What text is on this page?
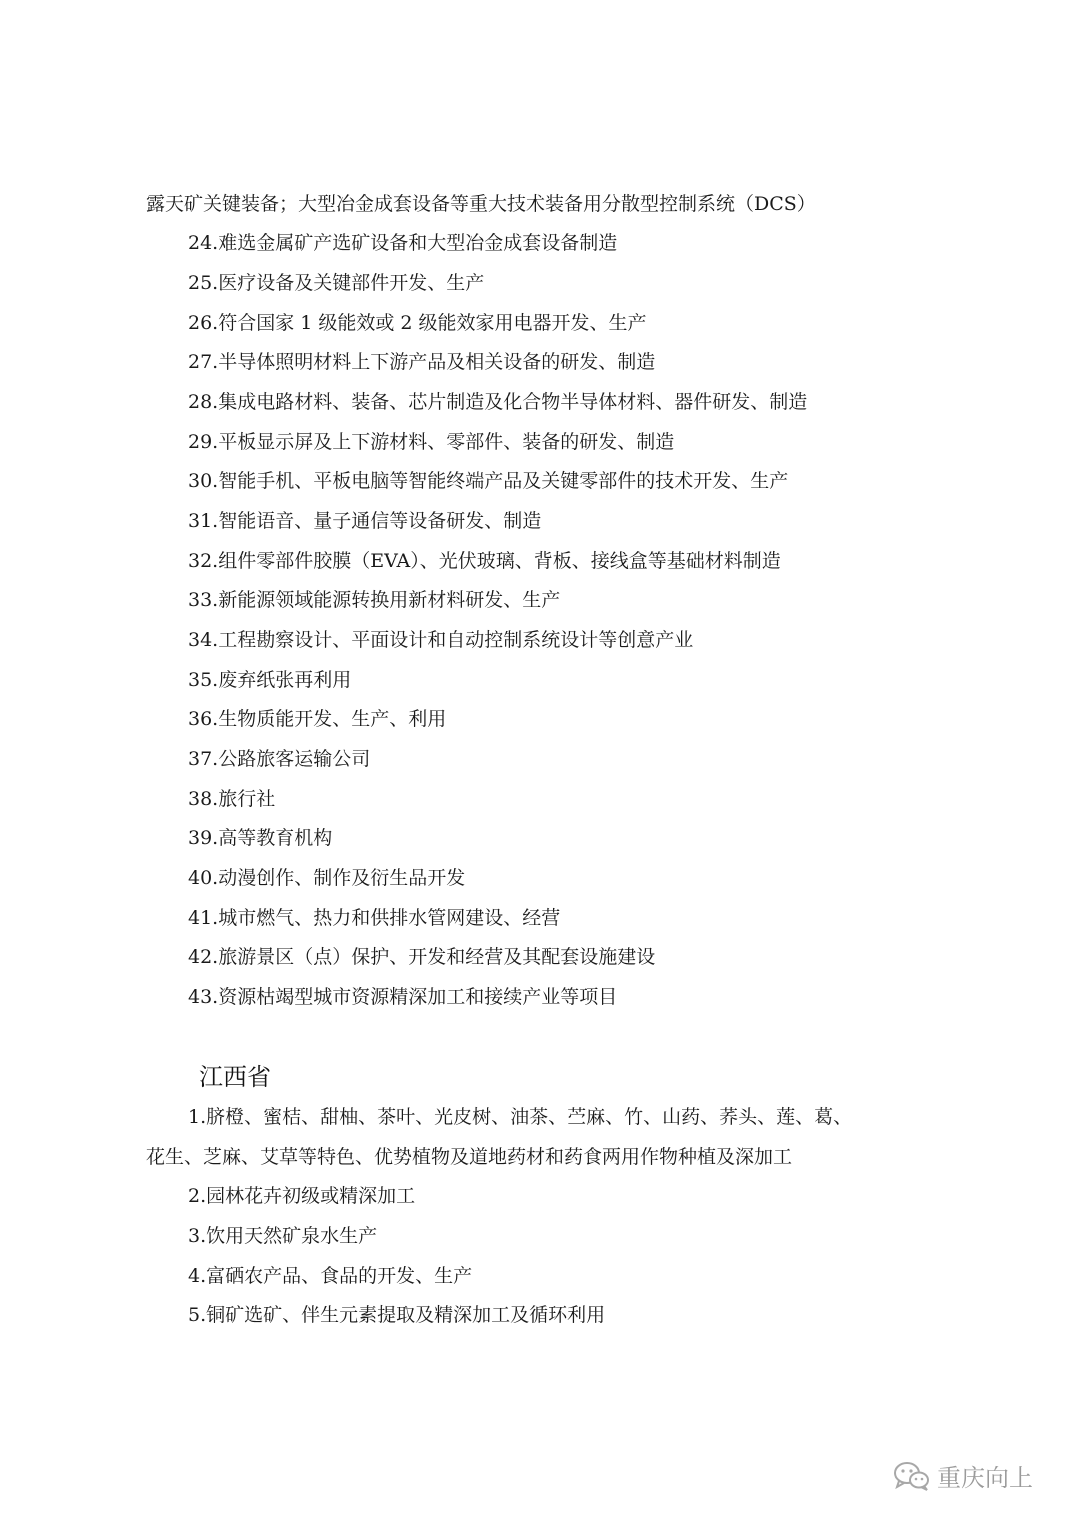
露天矿关键装备；大型冶金成套设备等重大技术装备用分散型控制系统（DCS）
24.难选金属矿产选矿设备和大型冶金成套设备制造
25.医疗设备及关键部件开发、生产
26.符合国家 1 级能效或 2 级能效家用电器开发、生产
27.半导体照明材料上下游产品及相关设备的研发、制造
28.集成电路材料、装备、芯片制造及化合物半导体材料、器件研发、制造
29.平板显示屏及上下游材料、零部件、装备的研发、制造
30.智能手机、平板电脑等智能终端产品及关键零部件的技术开发、生产
31.智能语音、量子通信等设备研发、制造
32.组件零部件胶膜（EVA）、光伏玻璃、背板、接线盒等基础材料制造
33.新能源领域能源转换用新材料研发、生产
34.工程勘察设计、平面设计和自动控制系统设计等创意产业
35.废弃纸张再利用
36.生物质能开发、生产、利用
37.公路旅客运输公司
38.旅行社
39.高等教育机构
40.动漫创作、制作及衍生品开发
41.城市燃气、热力和供排水管网建设、经营
42.旅游景区（点）保护、开发和经营及其配套设施建设
43.资源枯竭型城市资源精深加工和接续产业等项目
江西省
1.脐橙、蜜桔、甜柚、茶叶、光皮树、油茶、苎麻、竹、山药、荞头、莲、葛、
花生、芝麻、艾草等特色、优势植物及道地药材和药食两用作物种植及深加工
2.园林花卉初级或精深加工
3.饮用天然矿泉水生产
4.富硒农产品、食品的开发、生产
5.铜矿选矿、伴生元素提取及精深加工及循环利用
重庆向上
